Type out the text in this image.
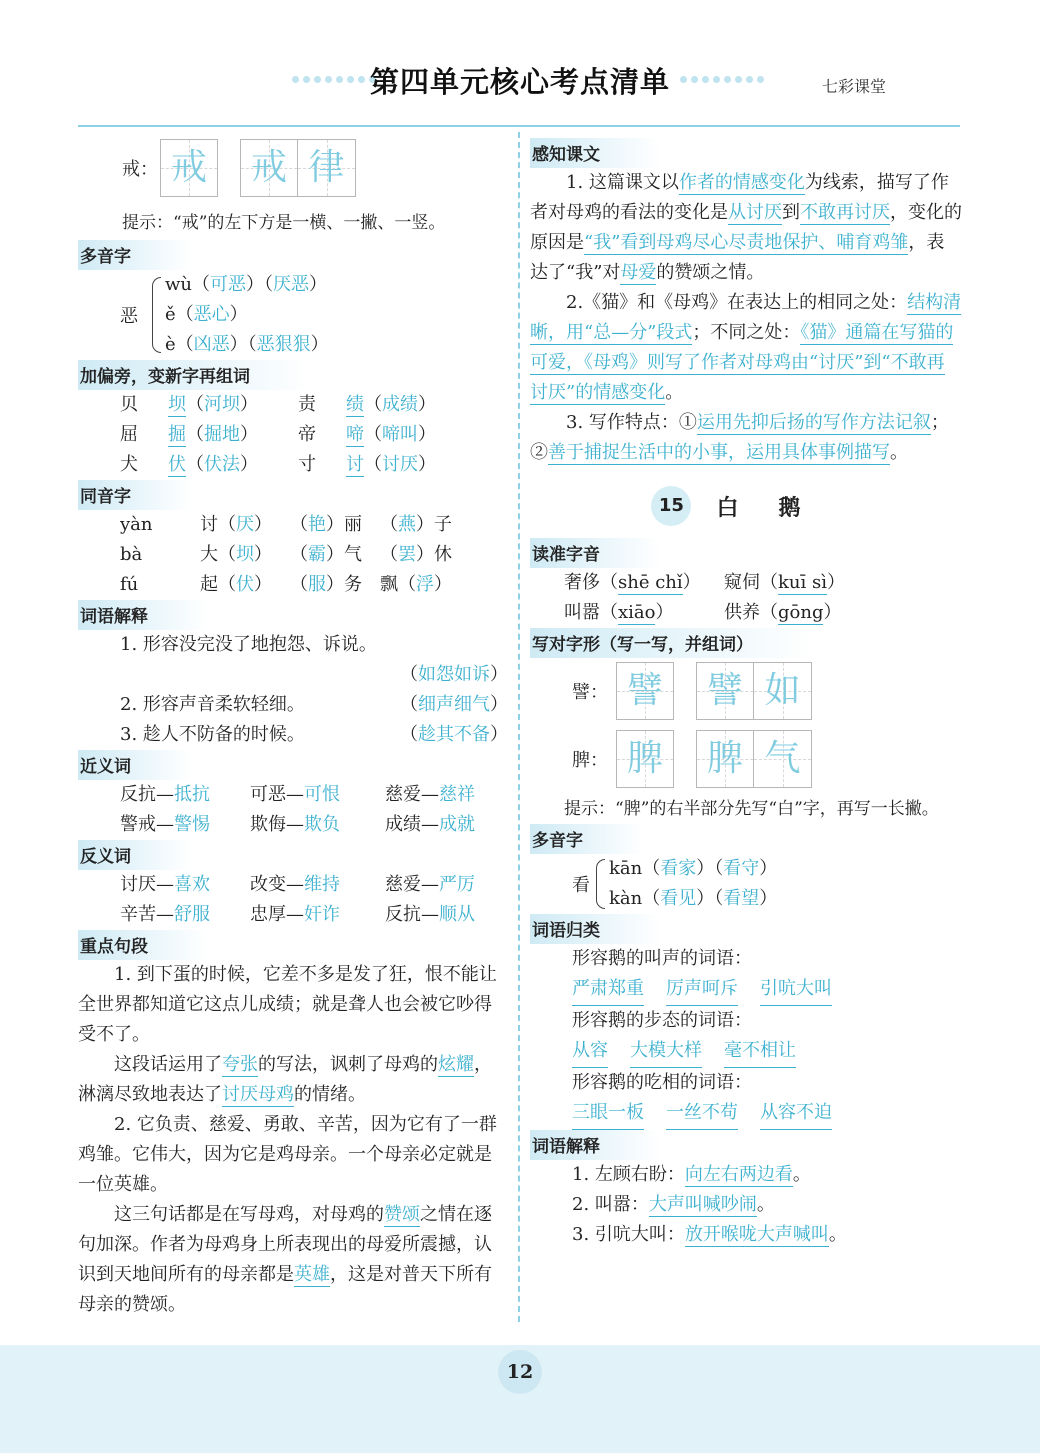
第四单元核心考点清单	七彩课堂
戒： 戒 戒 律
提示：“戒”的左下方是一横、一撇、一竖。
多音字
恶
wù（可恶）（厌恶）
ě（恶心）
è（凶恶）（恶狠狠）
加偏旁，变新字再组词
贝	坝（河坝）	责	绩（成绩）
屈	掘（掘地）	帝	啼（啼叫）
犬	伏（伏法）	寸	讨（讨厌）
同音字
yàn	讨（厌）	（艳）丽	（燕）子
bà	大（坝）	（霸）气	（罢）休
fú	起（伏）	（服）务	飘（浮）
词语解释
1. 形容没完没了地抱怨、诉说。
（如怨如诉）
2. 形容声音柔软轻细。	（细声细气）
3. 趁人不防备的时候。	（趁其不备）
近义词
反抗—抵抗	可恶—可恨	慈爱—慈祥
警戒—警惕	欺侮—欺负	成绩—成就
反义词
讨厌—喜欢	改变—维持	慈爱—严厉
辛苦—舒服	忠厚—奸诈	反抗—顺从
重点句段
1. 到下蛋的时候，它差不多是发了狂，恨不能让全世界都知道它这点儿成绩；就是聋人也会被它吵得受不了。
这段话运用了夸张的写法，讽刺了母鸡的炫耀，淋漓尽致地表达了讨厌母鸡的情绪。
2. 它负责、慈爱、勇敢、辛苦，因为它有了一群鸡雏。它伟大，因为它是鸡母亲。一个母亲必定就是一位英雄。
这三句话都是在写母鸡，对母鸡的赞颂之情在逐句加深。作者为母鸡身上所表现出的母爱所震撼，认识到天地间所有的母亲都是英雄，这是对普天下所有母亲的赞颂。
感知课文
1. 这篇课文以作者的情感变化为线索，描写了作者对母鸡的看法的变化是从讨厌到不敢再讨厌，变化的原因是“我”看到母鸡尽心尽责地保护、哺育鸡雏，表达了“我”对母爱的赞颂之情。
2.《猫》和《母鸡》在表达上的相同之处：结构清晰，用“总—分”段式；不同之处：《猫》通篇在写猫的可爱，《母鸡》则写了作者对母鸡由“讨厌”到“不敢再讨厌”的情感变化。
3. 写作特点：①运用先抑后扬的写作方法记叙；②善于捕捉生活中的小事，运用具体事例描写。
15 白鹅
读准字音
奢侈（shē chǐ）	窥伺（kuī sì）
叫嚣（xiāo）	供养（gōng）
写对字形（写一写，并组词）
譬： 譬 譬 如
脾： 脾 脾 气
提示：“脾”的右半部分先写“白”字，再写一长撇。
多音字
看
kān（看家）（看守）
kàn（看见）（看望）
词语归类
形容鹅的叫声的词语：
严肃郑重 厉声呵斥 引吭大叫
形容鹅的步态的词语：
从容 大模大样 毫不相让
形容鹅的吃相的词语：
三眼一板 一丝不苟 从容不迫
词语解释
1. 左顾右盼：向左右两边看。
2. 叫嚣：大声叫喊吵闹。
3. 引吭大叫：放开喉咙大声喊叫。
12
